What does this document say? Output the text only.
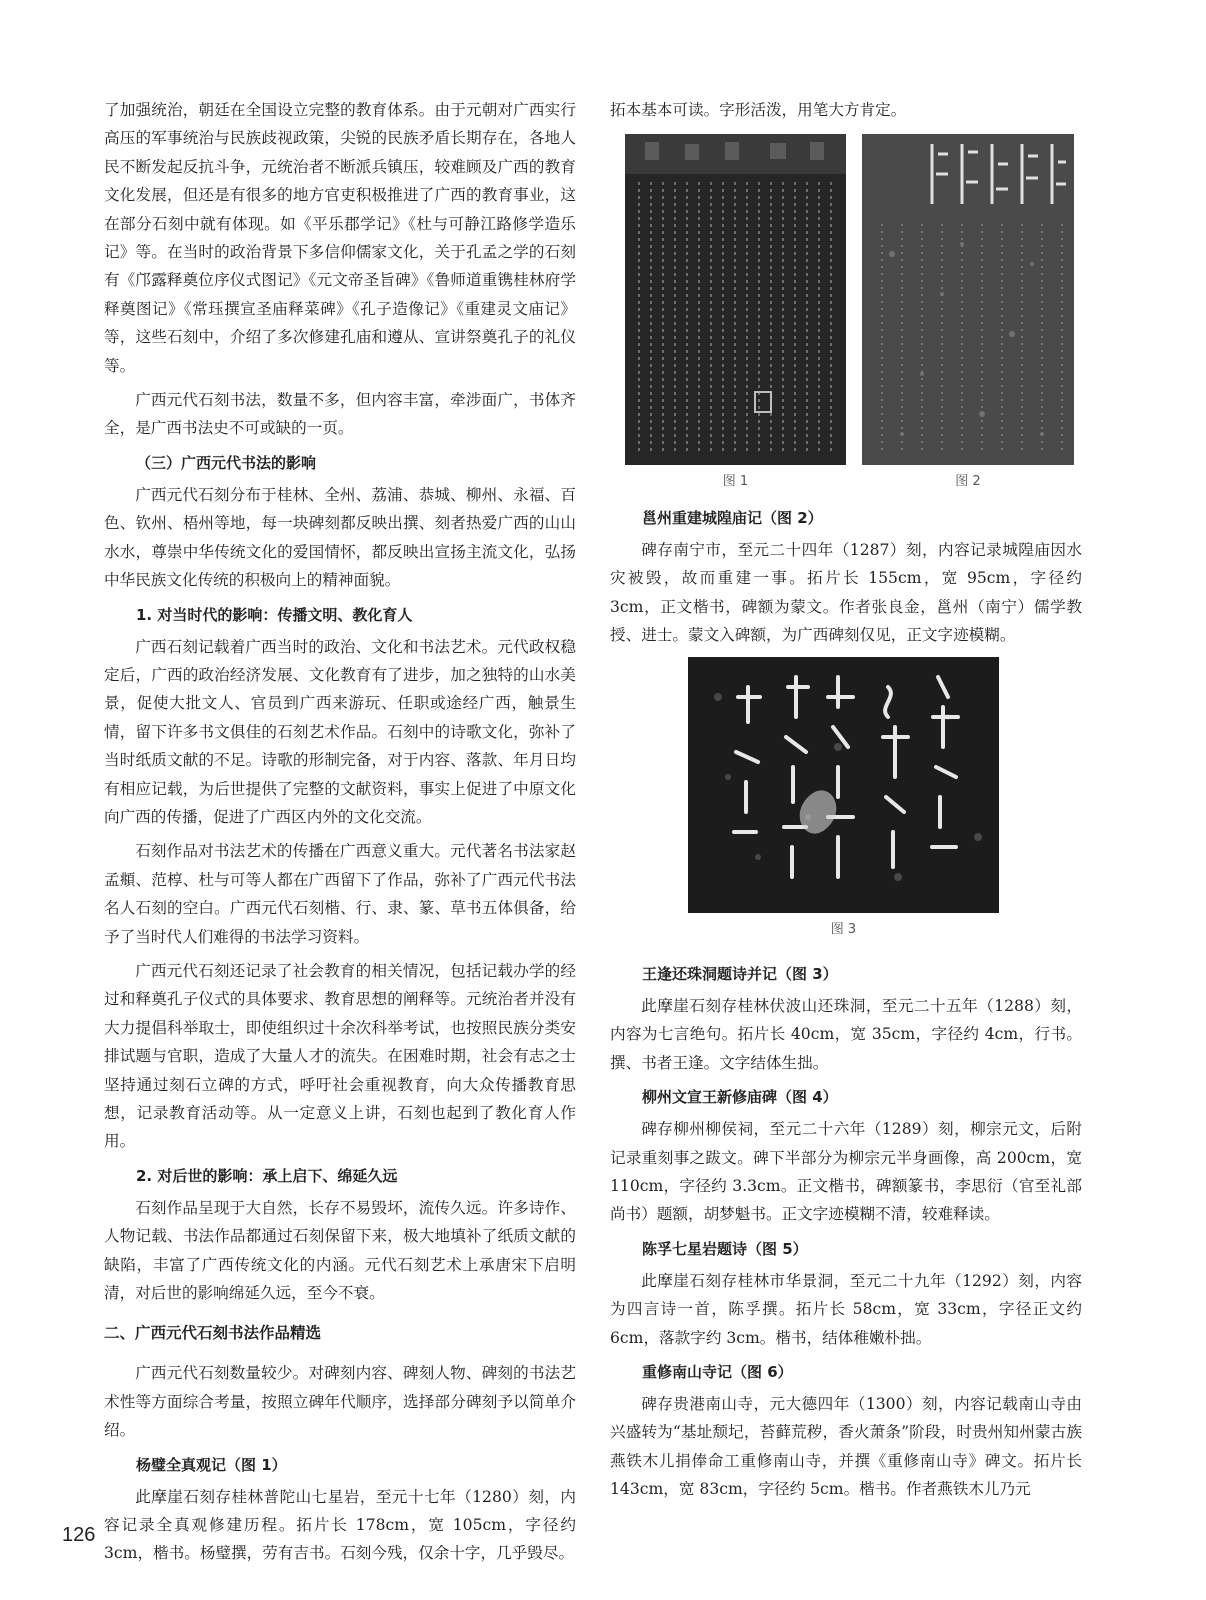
了加强统治，朝廷在全国设立完整的教育体系。由于元朝对广西实行高压的军事统治与民族歧视政策，尖锐的民族矛盾长期存在，各地人民不断发起反抗斗争，元统治者不断派兵镇压，较难顾及广西的教育文化发展，但还是有很多的地方官吏积极推进了广西的教育事业，这在部分石刻中就有体现。如《平乐郡学记》《杜与可静江路修学造乐记》等。在当时的政治背景下多信仰儒家文化，关于孔孟之学的石刻有《邝露释奠位序仪式图记》《元文帝圣旨碑》《鲁师道重镌桂林府学释奠图记》《常珏撰宣圣庙释菜碑》《孔子造像记》《重建灵文庙记》等，这些石刻中，介绍了多次修建孔庙和遵从、宣讲祭奠孔子的礼仪等。

广西元代石刻书法，数量不多，但内容丰富，牵涉面广，书体齐全，是广西书法史不可或缺的一页。

（三）广西元代书法的影响

广西元代石刻分布于桂林、全州、荔浦、恭城、柳州、永福、百色、钦州、梧州等地，每一块碑刻都反映出撰、刻者热爱广西的山山水水，尊崇中华传统文化的爱国情怀，都反映出宣扬主流文化，弘扬中华民族文化传统的积极向上的精神面貌。

1. 对当时代的影响：传播文明、教化育人

广西石刻记载着广西当时的政治、文化和书法艺术。元代政权稳定后，广西的政治经济发展、文化教育有了进步，加之独特的山水美景，促使大批文人、官员到广西来游玩、任职或途经广西，触景生情，留下许多书文俱佳的石刻艺术作品。石刻中的诗歌文化，弥补了当时纸质文献的不足。诗歌的形制完备，对于内容、落款、年月日均有相应记载，为后世提供了完整的文献资料，事实上促进了中原文化向广西的传播，促进了广西区内外的文化交流。

石刻作品对书法艺术的传播在广西意义重大。元代著名书法家赵孟頫、范椁、杜与可等人都在广西留下了作品，弥补了广西元代书法名人石刻的空白。广西元代石刻楷、行、隶、篆、草书五体俱备，给予了当时代人们难得的书法学习资料。

广西元代石刻还记录了社会教育的相关情况，包括记载办学的经过和释奠孔子仪式的具体要求、教育思想的阐释等。元统治者并没有大力提倡科举取士，即使组织过十余次科举考试，也按照民族分类安排试题与官职，造成了大量人才的流失。在困难时期，社会有志之士坚持通过刻石立碑的方式，呼吁社会重视教育，向大众传播教育思想，记录教育活动等。从一定意义上讲，石刻也起到了教化育人作用。

2. 对后世的影响：承上启下、绵延久远

石刻作品呈现于大自然，长存不易毁坏，流传久远。许多诗作、人物记载、书法作品都通过石刻保留下来，极大地填补了纸质文献的缺陷，丰富了广西传统文化的内涵。元代石刻艺术上承唐宋下启明清，对后世的影响绵延久远，至今不衰。

二、广西元代石刻书法作品精选

广西元代石刻数量较少。对碑刻内容、碑刻人物、碑刻的书法艺术性等方面综合考量，按照立碑年代顺序，选择部分碑刻予以简单介绍。

杨璧全真观记（图 1）

此摩崖石刻存桂林普陀山七星岩，至元十七年（1280）刻，内容记录全真观修建历程。拓片长 178cm，宽 105cm，字径约 3cm，楷书。杨璧撰，劳有吉书。石刻今残，仅余十字，几乎毁尽。

拓本基本可读。字形活泼，用笔大方肯定。

图 1	图 2
邕州重建城隍庙记（图 2）

碑存南宁市，至元二十四年（1287）刻，内容记录城隍庙因水灾被毁，故而重建一事。拓片长 155cm，宽 95cm，字径约 3cm，正文楷书，碑额为蒙文。作者张良金，邕州（南宁）儒学教授、进士。蒙文入碑额，为广西碑刻仅见，正文字迹模糊。

图 3
王逢还珠洞题诗并记（图 3）

此摩崖石刻存桂林伏波山还珠洞，至元二十五年（1288）刻，内容为七言绝句。拓片长 40cm，宽 35cm，字径约 4cm，行书。撰、书者王逢。文字结体生拙。

柳州文宣王新修庙碑（图 4）

碑存柳州柳侯祠，至元二十六年（1289）刻，柳宗元文，后附记录重刻事之跋文。碑下半部分为柳宗元半身画像，高 200cm，宽 110cm，字径约 3.3cm。正文楷书，碑额篆书，李思衍（官至礼部尚书）题额，胡梦魁书。正文字迹模糊不清，较难释读。

陈孚七星岩题诗（图 5）

此摩崖石刻存桂林市华景洞，至元二十九年（1292）刻，内容为四言诗一首，陈孚撰。拓片长 58cm，宽 33cm，字径正文约 6cm，落款字约 3cm。楷书，结体稚嫩朴拙。

重修南山寺记（图 6）

碑存贵港南山寺，元大德四年（1300）刻，内容记载南山寺由兴盛转为“基址颓圮，苔藓荒秽，香火萧条”阶段，时贵州知州蒙古族燕铁木儿捐俸命工重修南山寺，并撰《重修南山寺》碑文。拓片长 143cm，宽 83cm，字径约 5cm。楷书。作者燕铁木儿乃元

126
